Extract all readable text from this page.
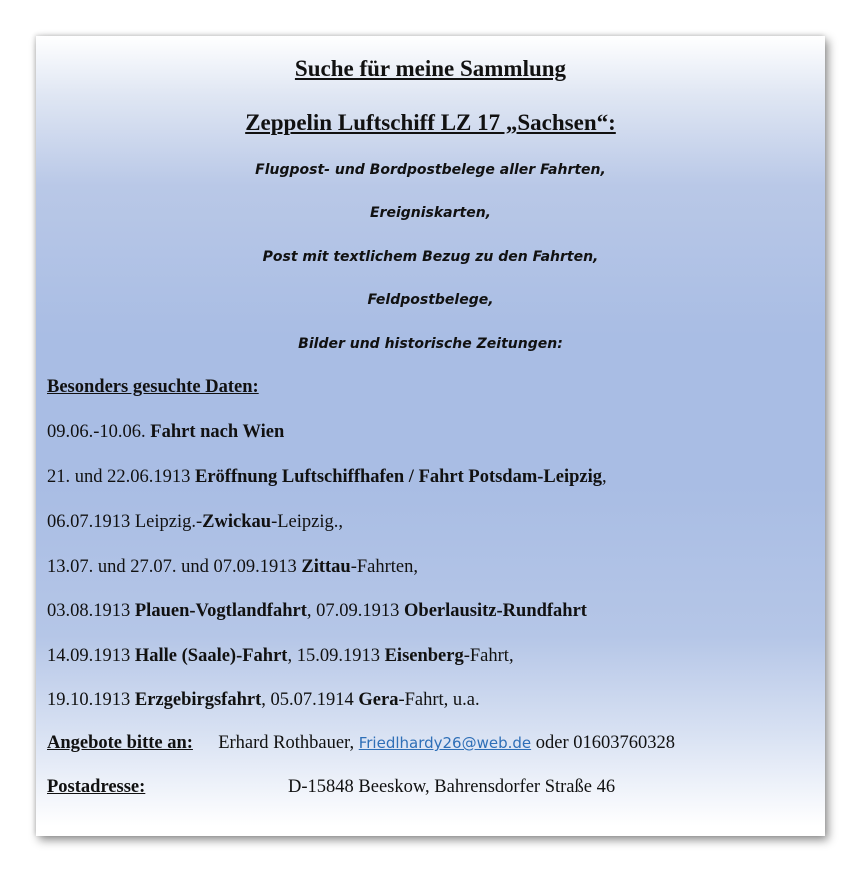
Suche für meine Sammlung
Zeppelin Luftschiff LZ 17 „Sachsen“:
Flugpost- und Bordpostbelege aller Fahrten,
Ereigniskarten,
Post mit textlichem Bezug zu den Fahrten,
Feldpostbelege,
Bilder und historische Zeitungen:
Besonders gesuchte Daten:
09.06.-10.06. Fahrt nach Wien
21. und 22.06.1913 Eröffnung Luftschiffhafen / Fahrt Potsdam-Leipzig,
06.07.1913 Leipzig.-Zwickau-Leipzig.,
13.07. und 27.07. und 07.09.1913 Zittau-Fahrten,
03.08.1913 Plauen-Vogtlandfahrt, 07.09.1913 Oberlausitz-Rundfahrt
14.09.1913 Halle (Saale)-Fahrt, 15.09.1913 Eisenberg-Fahrt,
19.10.1913 Erzgebirgsfahrt, 05.07.1914 Gera-Fahrt, u.a.
Angebote bitte an: Erhard Rothbauer, Friedlhardy26@web.de oder 01603760328
Postadresse:	D-15848 Beeskow, Bahrensdorfer Straße 46
